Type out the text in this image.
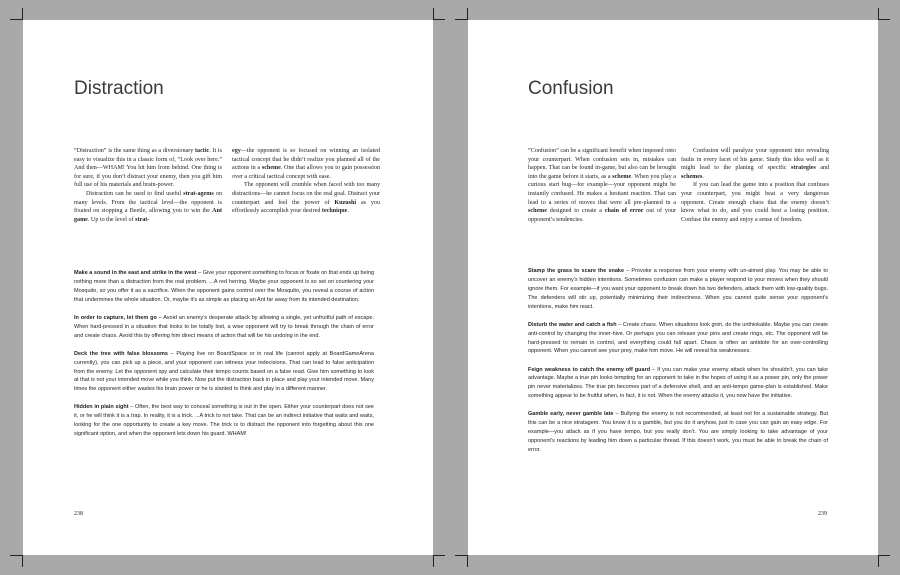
Distraction

“Distraction” is the same thing as a diversionary tactic. It is easy to visualize this in a classic form of, “Look over here.” And then—WHAM! You hit him from behind. One thing is for sure, if you don’t distract your enemy, then you gift him full use of his materials and brain-power.

Distraction can be used to find useful strat-agems on many levels. From the tactical level—the opponent is fixated on stopping a Beetle, allowing you to win the Ant game. Up to the level of strat-

egy—the opponent is so focused on winning an isolated tactical concept that he didn’t realize you planned all of the actions in a scheme. One that allows you to gain possession over a critical tactical concept with ease.

The opponent will crumble when faced with too many distractions—he cannot focus on the real goal. Distract your counterpart and feel the power of Kuzushi as you effortlessly accomplish your desired technique.

Make a sound in the east and strike in the west – Give your opponent something to focus or fixate on that ends up being nothing more than a distraction from the real problem. ...A red herring. Maybe your opponent is so set on countering your Mosquito, so you offer it as a sacrifice. When the opponent gains control over the Mosquito, you reveal a course of action that undermines the whole situation. Or, maybe it’s as simple as placing an Ant far away from its intended destination.

In order to capture, let them go – Avoid an enemy’s desperate attack by allowing a single, yet unfruitful path of escape. When hard-pressed in a situation that looks to be totally lost, a wise opponent will try to break through the chain of error and create chaos. Avoid this by offering him direct means of action that will be his undoing in the end.

Deck the tree with false blossoms – Playing live on BoardSpace or in real life (cannot apply at BoardGameArena currently), you can pick up a piece, and your opponent can witness your indecisions. That can lead to false anticipation from the enemy. Let the opponent spy and calculate their tempo counts based on a false read. Give him something to look at that is not your intended move while you think. Now put the distraction back in place and play your intended move. Many times the opponent either wastes his brain power or he is slanted to think and play in a different manner.

Hidden in plain sight – Often, the best way to conceal something is out in the open. Either your counterpart does not see it, or he will think it is a trap. In reality, it is a trick. ...A trick to not take. That can be an indirect initiative that waits and waits, looking for the one opportunity to create a key move. The trick is to distract the opponent into forgetting about this one significant option, and when the opponent lets down his guard. WHAM!

238
Confusion

“Confusion” can be a significant benefit when imposed onto your counterpart. When confusion sets in, mistakes can happen. That can be found in-game, but also can be brought into the game before it starts, as a scheme. When you play a curious start bug—for example—your opponent might be instantly confused. He makes a hesitant reaction. That can lead to a series of moves that were all pre-planned in a scheme designed to create a chain of error out of your opponent’s tendencies.

Confusion will paralyze your opponent into revealing faults in every facet of his game. Study this idea well as it might lead to the planing of specific strategies and schemes.

If you can lead the game into a position that confuses your counterpart, you might beat a very dangerous opponent. Create enough chaos that the enemy doesn’t know what to do, and you could best a losing position. Confuse the enemy and enjoy a sense of freedom.

Stamp the grass to scare the snake – Provoke a response from your enemy with un-aimed play. You may be able to uncover an enemy’s hidden intentions. Sometimes confusion can make a player respond to your moves when they should ignore them. For example—if you want your opponent to break down his two defenders, attack them with low-quality bugs. The defenders will stir up, potentially minimizing their indirectness. When you cannot quite sense your opponent’s intentions, make him react.

Disturb the water and catch a fish – Create chaos. When situations look grim, do the unthinkable. Maybe you can create anti-control by changing the inner-hive. Or perhaps you can release your pins and create rings, etc. The opponent will be hard-pressed to remain in control, and everything could fall apart. Chaos is often an antidote for an over-controlling opponent. When you cannot see your prey, make him move. He will reveal his weaknesses.

Feign weakness to catch the enemy off guard – If you can make your enemy attack when he shouldn’t, you can take advantage. Maybe a true pin looks tempting for an opponent to take in the hopes of using it as a power pin, only the power pin never materializes. The true pin becomes part of a defensive shell, and an anti-tempo game-plan is established. Make something appear to be fruitful when, in fact, it is not. When the enemy attacks it, you now have the initiative.

Gamble early, never gamble late – Bullying the enemy is not recommended, at least not for a sustainable strategy. But this can be a nice stratagem. You know it is a gamble, but you do it anyhow, just in case you can gain an easy edge. For example—you attack as if you have tempo, but you really don’t. You are simply looking to take advantage of your opponent’s reactions by leading him down a particular thread. If this doesn’t work, you must be able to break the chain of error.

239
